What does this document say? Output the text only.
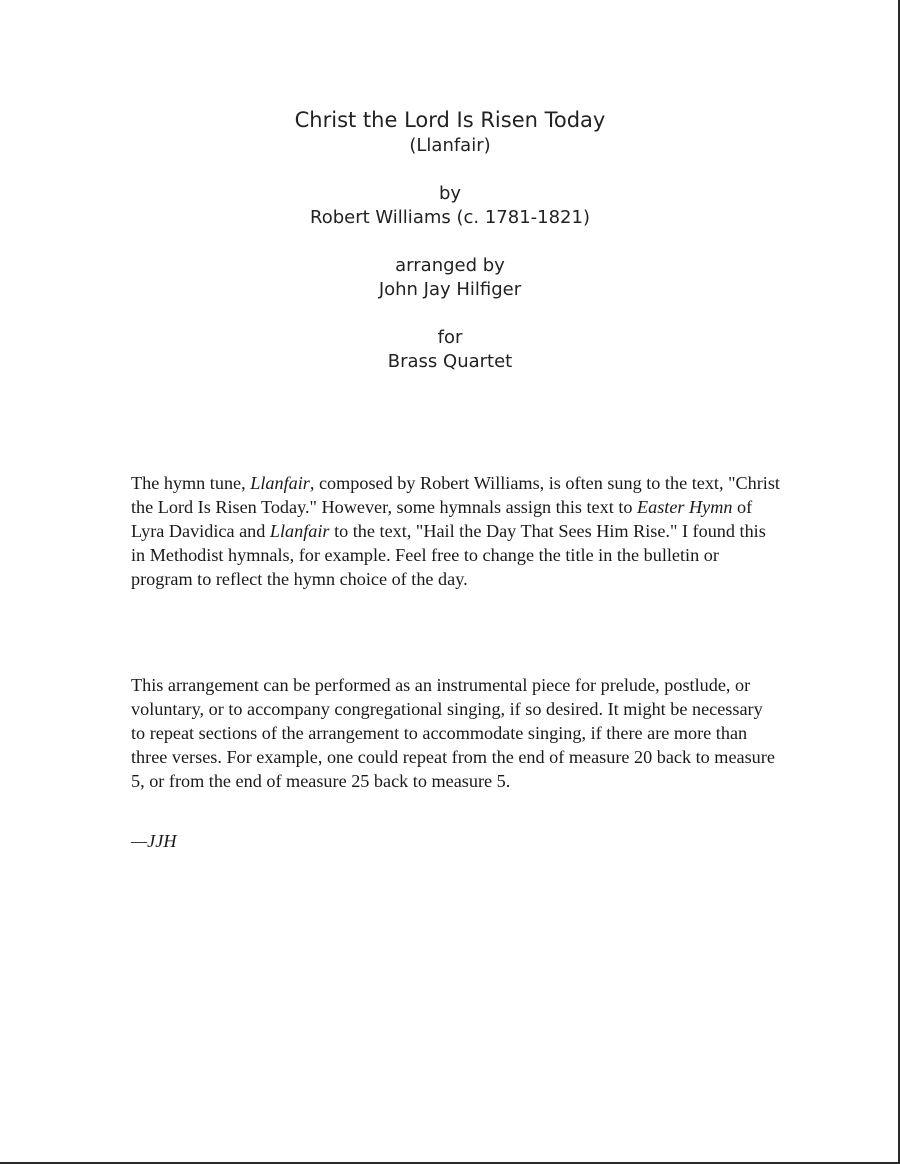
Christ the Lord Is Risen Today
(Llanfair)
by
Robert Williams (c. 1781-1821)
arranged by
John Jay Hilfiger
for
Brass Quartet

The hymn tune, Llanfair, composed by Robert Williams, is often sung to the text, "Christ the Lord Is Risen Today." However, some hymnals assign this text to Easter Hymn of Lyra Davidica and Llanfair to the text, "Hail the Day That Sees Him Rise." I found this in Methodist hymnals, for example. Feel free to change the title in the bulletin or program to reflect the hymn choice of the day.

This arrangement can be performed as an instrumental piece for prelude, postlude, or voluntary, or to accompany congregational singing, if so desired. It might be necessary to repeat sections of the arrangement to accommodate singing, if there are more than three verses. For example, one could repeat from the end of measure 20 back to measure 5, or from the end of measure 25 back to measure 5.

—JJH
